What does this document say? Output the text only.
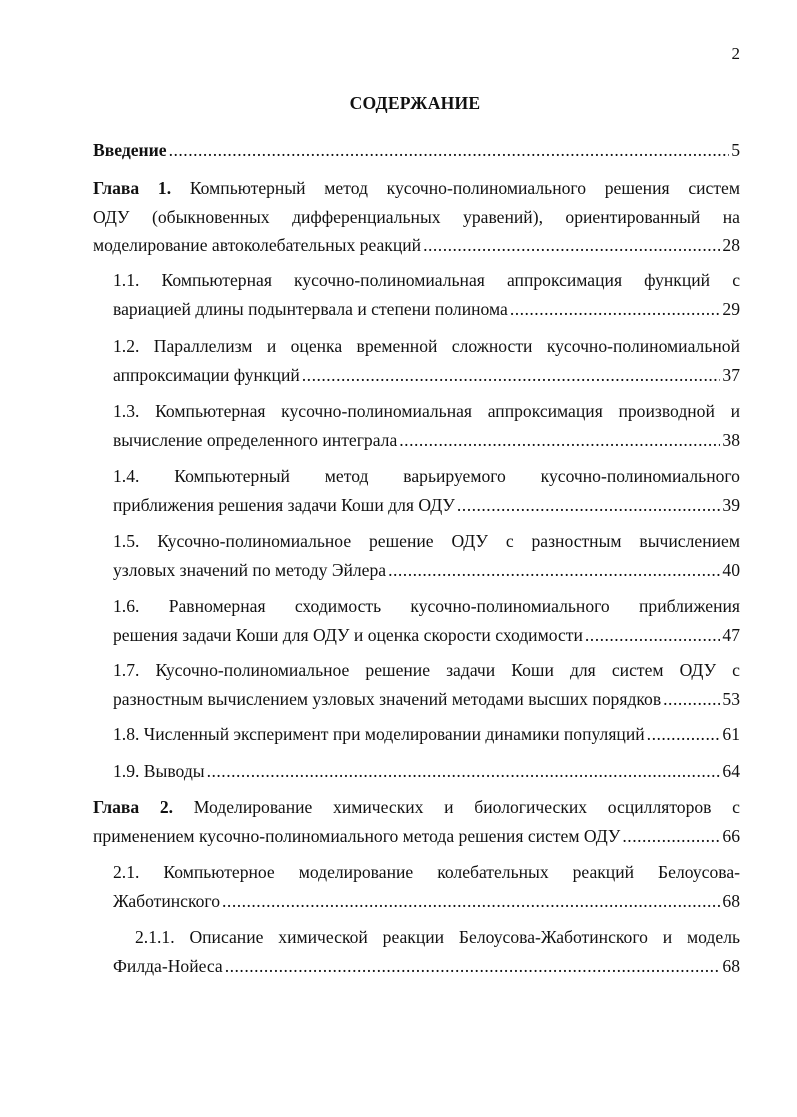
2
СОДЕРЖАНИЕ
Введение .....	5
Глава 1. Компьютерный метод кусочно-полиномиального решения систем
ОДУ (обыкновенных дифференциальных уравений), ориентированный на
моделирование автоколебательных реакций .....	28
1.1. Компьютерная кусочно-полиномиальная аппроксимация функций с
вариацией длины подынтервала и степени полинома .....	29
1.2. Параллелизм и оценка временной сложности кусочно-полиномиальной
аппроксимации функций .....	37
1.3. Компьютерная кусочно-полиномиальная аппроксимация производной и
вычисление определенного интеграла .....	38
1.4. Компьютерный метод варьируемого кусочно-полиномиального
приближения решения задачи Коши для ОДУ .....	39
1.5. Кусочно-полиномиальное решение ОДУ с разностным вычислением
узловых значений по методу Эйлера .....	40
1.6. Равномерная сходимость кусочно-полиномиального приближения
решения задачи Коши для ОДУ и оценка скорости сходимости .....	47
1.7. Кусочно-полиномиальное решение задачи Коши для систем ОДУ с
разностным вычислением узловых значений методами высших порядков .....	53
1.8.
Численный эксперимент при моделировании динамики популяций .....	61
1.9.
Выводы .....	64
Глава 2. Моделирование химических и биологических осцилляторов с
применением кусочно-полиномиального метода решения систем ОДУ .....	66
2.1. Компьютерное моделирование колебательных реакций Белоусова-
Жаботинского .....	68
2.1.1. Описание химической реакции Белоусова-Жаботинского и модель
Филда-Нойеса .....	68
